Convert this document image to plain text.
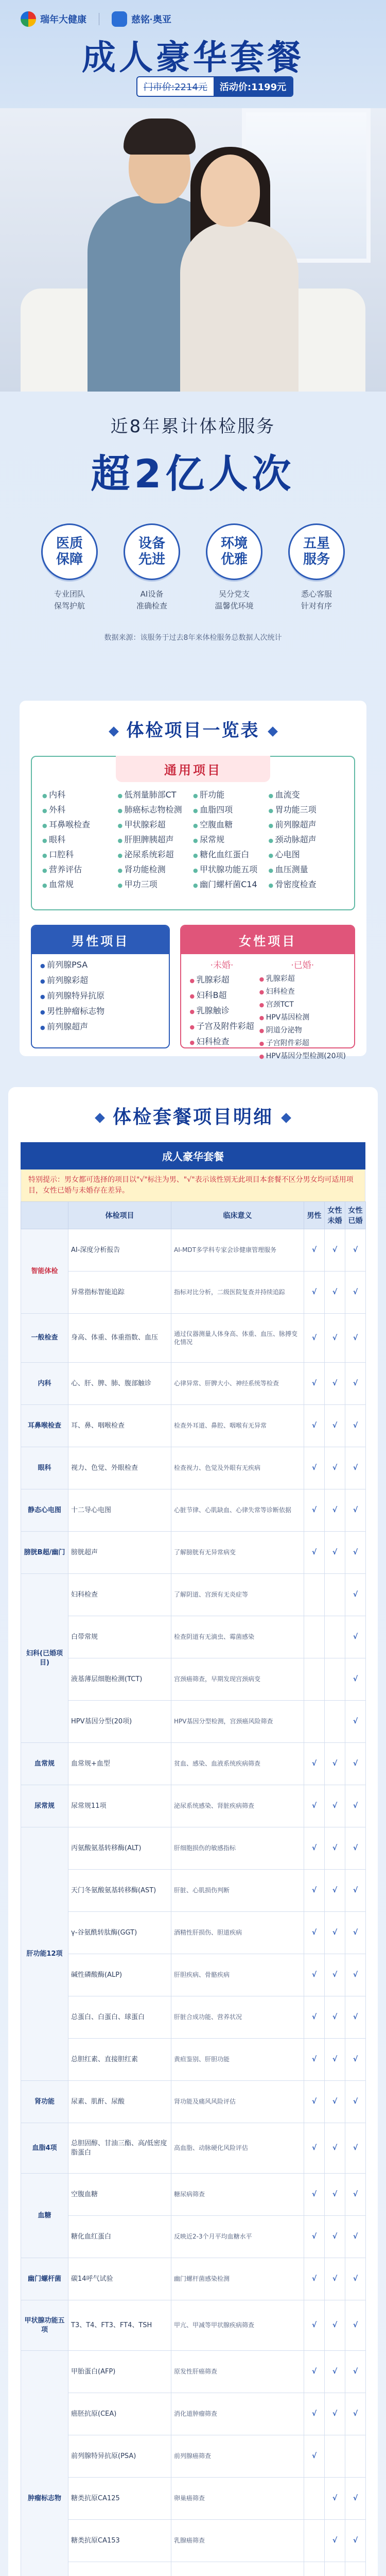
瑞年大健康	慈铭·奥亚
成人豪华套餐
门市价:2214元	活动价:1199元
近8年累计体检服务
超2亿人次
医质
保障
专业团队
保驾护航
设备
先进
AI设备
准确检查
环境
优雅
吴分党支
温馨优环境
五星
服务
悉心客服
针对有序
数据来源：该服务于过去8年来体检服务总数据人次统计
体检项目一览表
通用项目
● 内科
● 外科
● 耳鼻喉检查
● 眼科
● 口腔科
● 营养评估
● 血常规
● 低剂量肺部CT
● 肺癌标志物检测
● 甲状腺彩超
● 肝胆脾胰超声
● 泌尿系统彩超
● 肾功能检测
● 甲功三项
● 肝功能
● 血脂四项
● 空腹血糖
● 尿常规
● 糖化血红蛋白
● 甲状腺功能五项
● 幽门螺杆菌C14
● 血流变
● 胃功能三项
● 前列腺超声
● 颈动脉超声
● 心电图
● 血压测量
● 骨密度检查
男性项目
● 前列腺PSA
● 前列腺彩超
● 前列腺特异抗原
● 男性肿瘤标志物
● 前列腺超声
女性项目
·未婚·
● 乳腺彩超
● 妇科B超
● 乳腺触诊
● 子宫及附件彩超
● 妇科检查
·已婚·
● 乳腺彩超
● 妇科检查
● 宫颈TCT
● HPV基因检测
● 阴道分泌物
● 子宫附件彩超
● HPV基因分型检测(20项)
体检套餐项目明细
成人豪华套餐
特别提示：男女都可选择的项目以"√"标注为男、"√"表示该性别无此项目本套餐不区分男女均可适用项目，女性已婚与未婚存在差异。
	体检项目	临床意义	男性	女性未婚	女性已婚
智能体检	AI-深度分析报告	AI-MDT多学科专家会诊健康管理服务	√	√	√
	异常指标智能追踪	指标对比分析，二级医院复查并持续追踪	√	√	√
一般检查	身高、体重、体重指数、血压	通过仪器测量人体身高、体重、血压、脉搏变化情况	√	√	√
内科	心、肝、脾、肺、腹部触诊	心律异常、肝脾大小、神经系统等检查	√	√	√
耳鼻喉检查	耳、鼻、咽喉检查	检查外耳道、鼻腔、咽喉有无异常	√	√	√
眼科	视力、色觉、外眼检查	检查视力、色觉及外眼有无疾病	√	√	√
静态心电图	十二导心电图	心脏节律、心肌缺血、心律失常等诊断依据	√	√	√
膀胱B超/幽门	膀胱超声	了解膀胱有无异常病变	√	√	√
妇科(已婚项目)	妇科检查	了解阴道、宫颈有无炎症等			√
	白带常规	检查阴道有无滴虫、霉菌感染			√
	液基薄层细胞检测(TCT)	宫颈癌筛查，早期发现宫颈病变			√
	HPV基因分型(20项)	HPV基因分型检测，宫颈癌风险筛查			√
血常规	血常规+血型	贫血、感染、血液系统疾病筛查	√	√	√
尿常规	尿常规11项	泌尿系统感染、肾脏疾病筛查	√	√	√
肝功能12项	丙氨酸氨基转移酶(ALT)	肝细胞损伤的敏感指标	√	√	√
	天门冬氨酸氨基转移酶(AST)	肝脏、心肌损伤判断	√	√	√
	γ-谷氨酰转肽酶(GGT)	酒精性肝损伤、胆道疾病	√	√	√
	碱性磷酸酶(ALP)	肝胆疾病、骨骼疾病	√	√	√
	总蛋白、白蛋白、球蛋白	肝脏合成功能、营养状况	√	√	√
	总胆红素、直接胆红素	黄疸鉴别、肝胆功能	√	√	√
肾功能	尿素、肌酐、尿酸	肾功能及痛风风险评估	√	√	√
血脂4项	总胆固醇、甘油三酯、高/低密度脂蛋白	高血脂、动脉硬化风险评估	√	√	√
血糖	空腹血糖	糖尿病筛查	√	√	√
	糖化血红蛋白	反映近2-3个月平均血糖水平	√	√	√
幽门螺杆菌	碳14呼气试验	幽门螺杆菌感染检测	√	√	√
甲状腺功能五项	T3、T4、FT3、FT4、TSH	甲亢、甲减等甲状腺疾病筛查	√	√	√
肿瘤标志物	甲胎蛋白(AFP)	原发性肝癌筛查	√	√	√
	癌胚抗原(CEA)	消化道肿瘤筛查	√	√	√
	前列腺特异抗原(PSA)	前列腺癌筛查	√		
	糖类抗原CA125	卵巢癌筛查		√	√
	糖类抗原CA153	乳腺癌筛查		√	√
